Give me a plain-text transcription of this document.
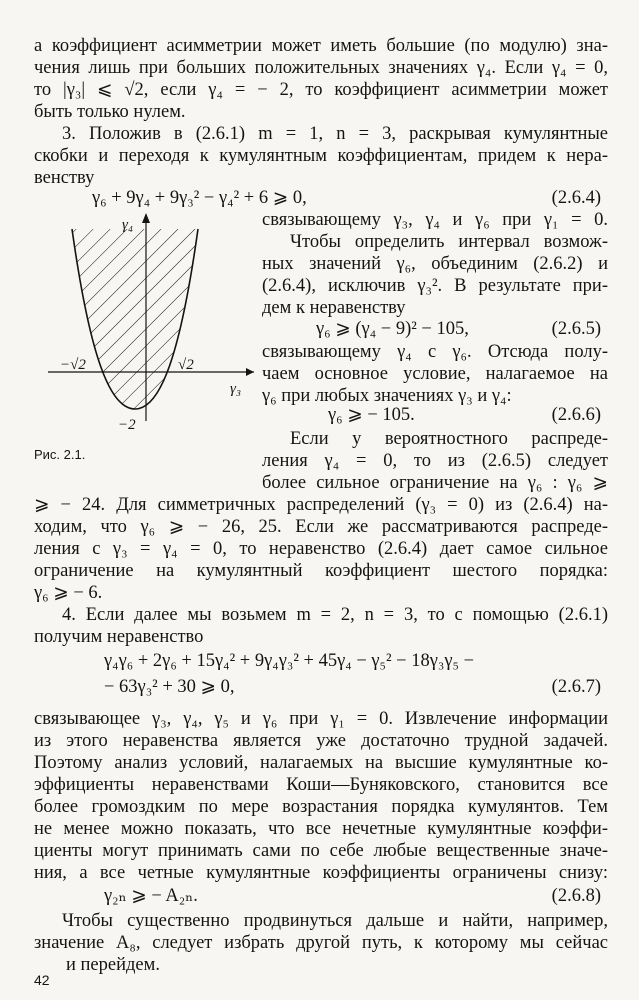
а коэффициент асимметрии может иметь большие (по модулю) зна-
чения лишь при больших положительных значениях γ₄. Если γ₄ = 0,
то |γ₃| ⩽ √2, если γ₄ = − 2, то коэффициент асимметрии может
быть только нулем.
3. Положив в (2.6.1) m = 1, n = 3, раскрывая кумулянтные
скобки и переходя к кумулянтным коэффициентам, придем к нера-
венству
γ₆ + 9γ₄ + 9γ₃² − γ₄² + 6 ⩾ 0,	(2.6.4)
связывающему γ₃, γ₄ и γ₆ при γ₁ = 0.
Чтобы определить интервал возмож-
ных значений γ₆, объединим (2.6.2) и
(2.6.4), исключив γ₃². В результате при-
дем к неравенству
γ₆ ⩾ (γ₄ − 9)² − 105,	(2.6.5)
связывающему γ₄ с γ₆. Отсюда полу-
чаем основное условие, налагаемое на
γ₆ при любых значениях γ₃ и γ₄:
γ₆ ⩾ − 105.	(2.6.6)
Если у вероятностного распреде-
ления γ₄ = 0, то из (2.6.5) следует
более сильное ограничение на γ₆ : γ₆ ⩾
γ₄
γ₃
−√2	√2
−2
Рис. 2.1.
⩾ − 24. Для симметричных распределений (γ₃ = 0) из (2.6.4) на-
ходим, что γ₆ ⩾ − 26, 25. Если же рассматриваются распреде-
ления с γ₃ = γ₄ = 0, то неравенство (2.6.4) дает самое сильное
ограничение на кумулянтный коэффициент шестого порядка:
γ₆ ⩾ − 6.
4. Если далее мы возьмем m = 2, n = 3, то с помощью (2.6.1)
получим неравенство
γ₄γ₆ + 2γ₆ + 15γ₄² + 9γ₄γ₃² + 45γ₄ − γ₅² − 18γ₃γ₅ −
− 63γ₃² + 30 ⩾ 0,	(2.6.7)
связывающее γ₃, γ₄, γ₅ и γ₆ при γ₁ = 0. Извлечение информации
из этого неравенства является уже достаточно трудной задачей.
Поэтому анализ условий, налагаемых на высшие кумулянтные ко-
эффициенты неравенствами Коши—Буняковского, становится все
более громоздким по мере возрастания порядка кумулянтов. Тем
не менее можно показать, что все нечетные кумулянтные коэффи-
циенты могут принимать сами по себе любые вещественные значе-
ния, а все четные кумулянтные коэффициенты ограничены снизу:
γ₂ₙ ⩾ − A₂ₙ.	(2.6.8)
Чтобы существенно продвинуться дальше и найти, например,
значение A₈, следует избрать другой путь, к которому мы сейчас
и перейдем.
42
